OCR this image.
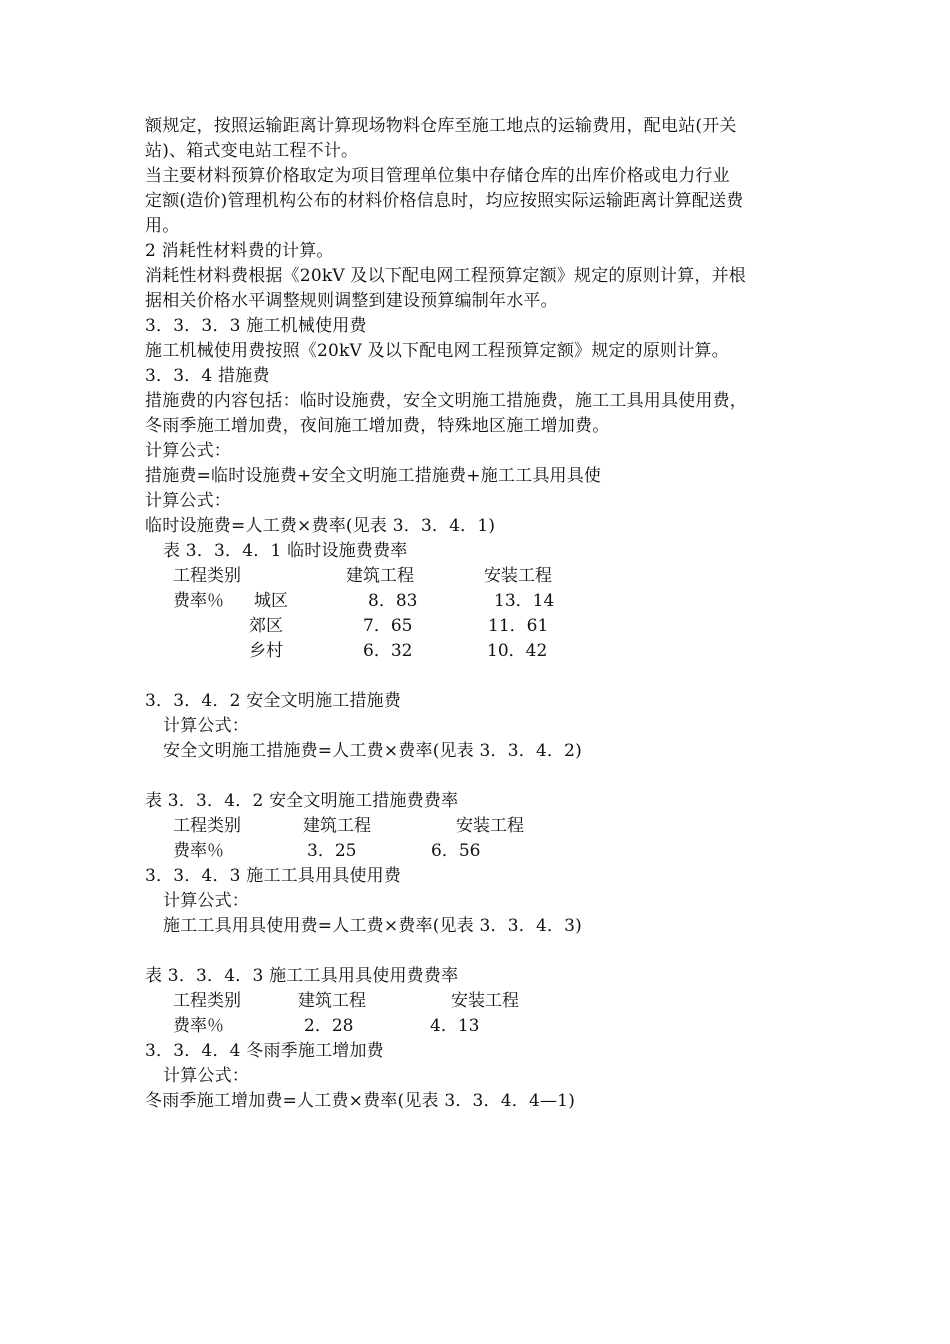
额规定，按照运输距离计算现场物料仓库至施工地点的运输费用，配电站(开关
站)、箱式变电站工程不计。
当主要材料预算价格取定为项目管理单位集中存储仓库的出库价格或电力行业
定额(造价)管理机构公布的材料价格信息时，均应按照实际运输距离计算配送费
用。
2 消耗性材料费的计算。
消耗性材料费根据《20kV 及以下配电网工程预算定额》规定的原则计算，并根
据相关价格水平调整规则调整到建设预算编制年水平。
3．3．3．3 施工机械使用费
施工机械使用费按照《20kV 及以下配电网工程预算定额》规定的原则计算。
3．3．4 措施费
措施费的内容包括：临时设施费，安全文明施工措施费，施工工具用具使用费，
冬雨季施工增加费，夜间施工增加费，特殊地区施工增加费。
计算公式：
措施费=临时设施费+安全文明施工措施费+施工工具用具使
计算公式：
临时设施费=人工费×费率(见表 3．3．4．1)
表 3．3．4．1 临时设施费费率
工程类别	建筑工程	安装工程
费率％ 城区	8．83	13．14
郊区	7．65	11．61
乡村	6．32	10．42
3．3．4．2 安全文明施工措施费
计算公式：
安全文明施工措施费=人工费×费率(见表 3．3．4．2)
表 3．3．4．2 安全文明施工措施费费率
工程类别	建筑工程	安装工程
费率％	3．25	6．56
3．3．4．3 施工工具用具使用费
计算公式：
施工工具用具使用费=人工费×费率(见表 3．3．4．3)
表 3．3．4．3 施工工具用具使用费费率
工程类别	建筑工程	安装工程
费率％	2．28	4．13
3．3．4．4 冬雨季施工增加费
计算公式：
冬雨季施工增加费=人工费×费率(见表 3．3．4．4—1)
